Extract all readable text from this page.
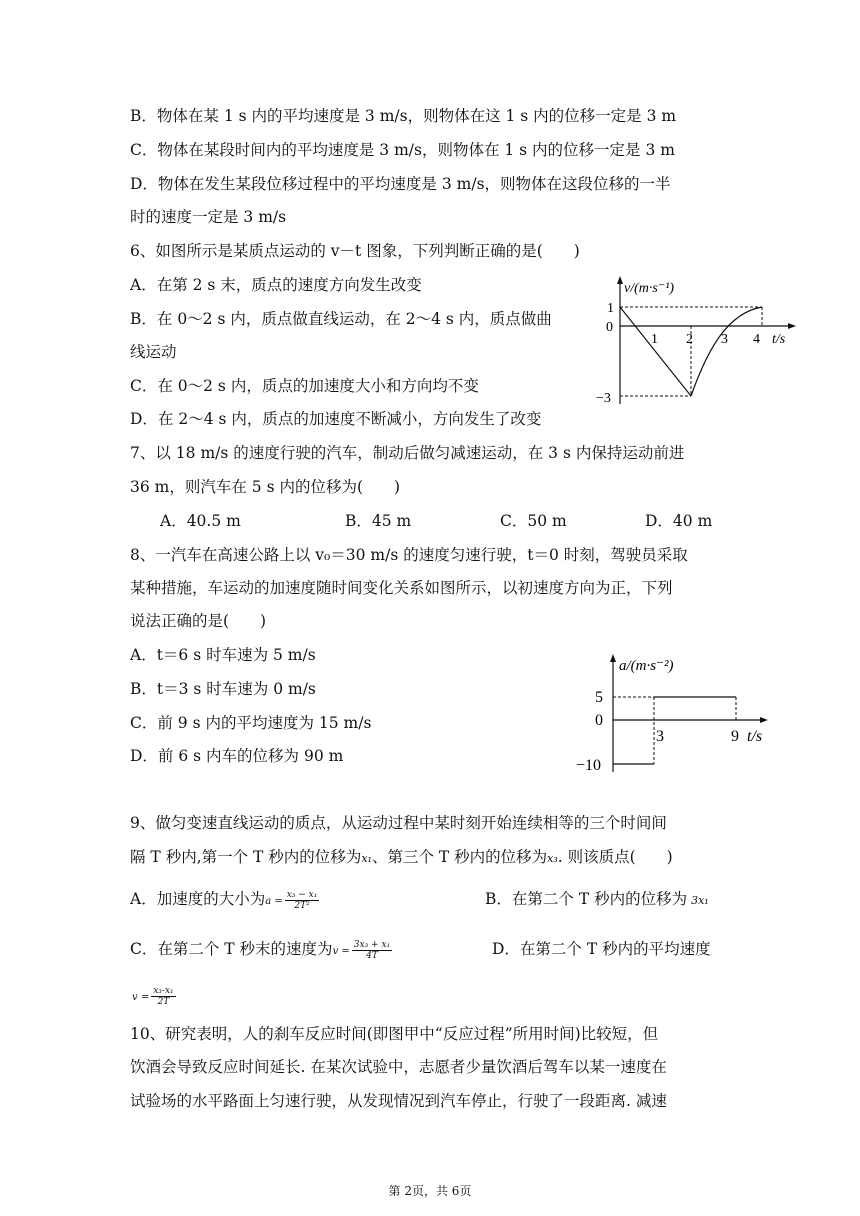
B．物体在某 1 s 内的平均速度是 3 m/s，则物体在这 1 s 内的位移一定是 3 m
C．物体在某段时间内的平均速度是 3 m/s，则物体在 1 s 内的位移一定是 3 m
D．物体在发生某段位移过程中的平均速度是 3 m/s，则物体在这段位移的一半
时的速度一定是 3 m/s
6、如图所示是某质点运动的 v－t 图象，下列判断正确的是(　　)
A．在第 2 s 末，质点的速度方向发生改变
B．在 0～2 s 内，质点做直线运动，在 2～4 s 内，质点做曲
线运动
C．在 0～2 s 内，质点的加速度大小和方向均不变
D．在 2～4 s 内，质点的加速度不断减小，方向发生了改变
v/(m·s⁻¹)
0
1
−3
1 2 3 4 t/s
7、以 18 m/s 的速度行驶的汽车，制动后做匀减速运动，在 3 s 内保持运动前进
36 m，则汽车在 5 s 内的位移为(　　)
A．40.5 m	B．45 m	C．50 m	D．40 m
8、一汽车在高速公路上以 v₀＝30 m/s 的速度匀速行驶，t＝0 时刻，驾驶员采取
某种措施，车运动的加速度随时间变化关系如图所示，以初速度方向为正，下列
说法正确的是(　　)
A．t＝6 s 时车速为 5 m/s
B．t＝3 s 时车速为 0 m/s
C．前 9 s 内的平均速度为 15 m/s
D．前 6 s 内车的位移为 90 m
a/(m·s⁻²)
5
0
−10
3	9 t/s
9、做匀变速直线运动的质点，从运动过程中某时刻开始连续相等的三个时间间
隔 T 秒内,第一个 T 秒内的位移为x₁、第三个 T 秒内的位移为x₃. 则该质点(　　)
A．加速度的大小为$a = \frac{\text{x₃ − x₁}}{\text{2T²}}$	B．在第二个 T 秒内的位移为 3x₁
C．在第二个 T 秒末的速度为$v = \frac{\text{3x₃ + x₁}}{4T}$	D．在第二个 T 秒内的平均速度
$v = \frac{\text{x₃-x₁}}{2T}$
10、研究表明，人的刹车反应时间(即图甲中“反应过程”所用时间)比较短，但
饮酒会导致反应时间延长. 在某次试验中，志愿者少量饮酒后驾车以某一速度在
试验场的水平路面上匀速行驶，从发现情况到汽车停止，行驶了一段距离. 减速
第 2页，共 6页
